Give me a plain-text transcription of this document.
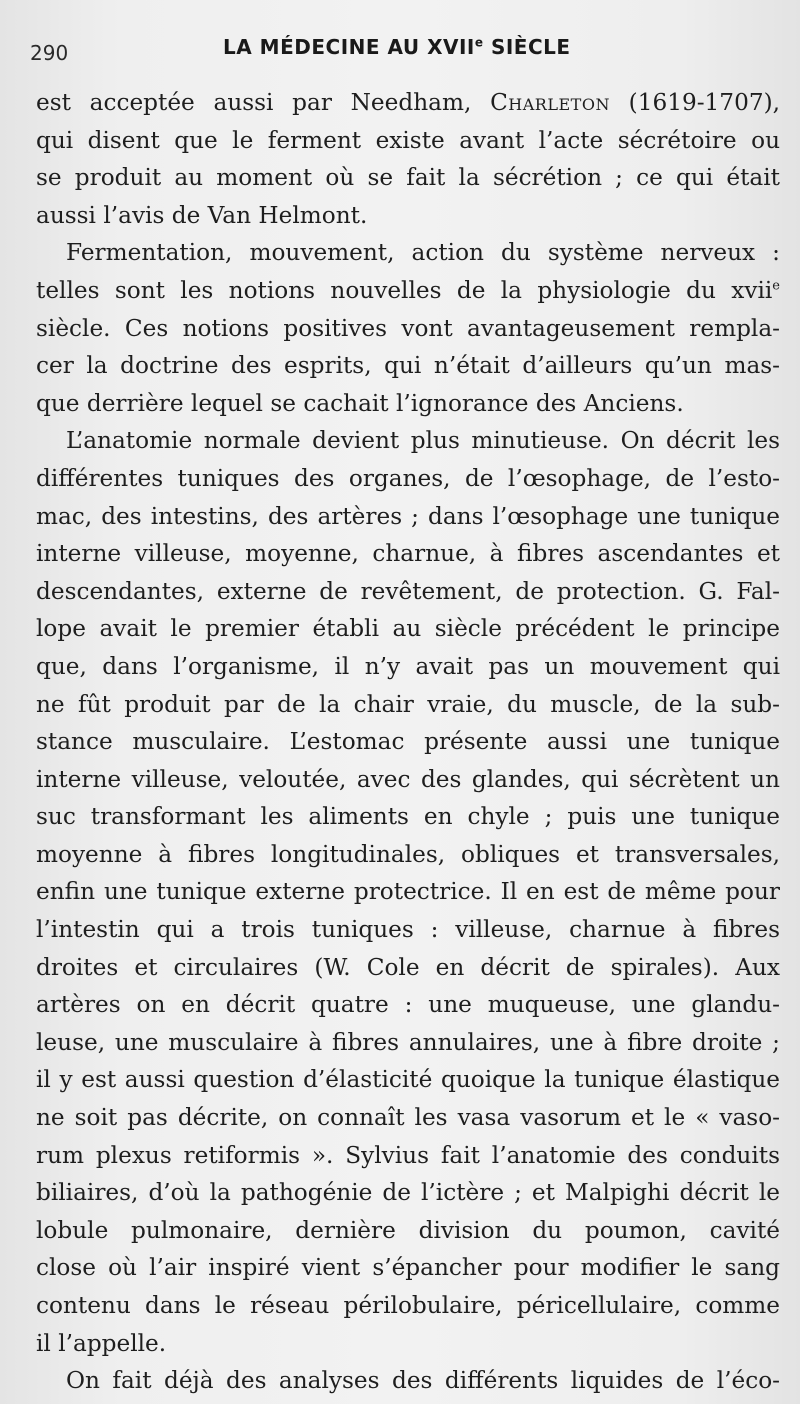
290	LA MÉDECINE AU XVIIe SIÈCLE
est acceptée aussi par Needham, Charleton (1619-1707),
qui disent que le ferment existe avant l’acte sécrétoire ou
se produit au moment où se fait la sécrétion ; ce qui était
aussi l’avis de Van Helmont.
Fermentation, mouvement, action du système nerveux :
telles sont les notions nouvelles de la physiologie du xvii$^e$
siècle. Ces notions positives vont avantageusement rempla-
cer la doctrine des esprits, qui n’était d’ailleurs qu’un mas-
que derrière lequel se cachait l’ignorance des Anciens.
L’anatomie normale devient plus minutieuse. On décrit les
différentes tuniques des organes, de l’œsophage, de l’esto-
mac, des intestins, des artères ; dans l’œsophage une tunique
interne villeuse, moyenne, charnue, à fibres ascendantes et
descendantes, externe de revêtement, de protection. G. Fal-
lope avait le premier établi au siècle précédent le principe
que, dans l’organisme, il n’y avait pas un mouvement qui
ne fût produit par de la chair vraie, du muscle, de la sub-
stance musculaire. L’estomac présente aussi une tunique
interne villeuse, veloutée, avec des glandes, qui sécrètent un
suc transformant les aliments en chyle ; puis une tunique
moyenne à fibres longitudinales, obliques et transversales,
enfin une tunique externe protectrice. Il en est de même pour
l’intestin qui a trois tuniques : villeuse, charnue à fibres
droites et circulaires (W. Cole en décrit de spirales). Aux
artères on en décrit quatre : une muqueuse, une glandu-
leuse, une musculaire à fibres annulaires, une à fibre droite ;
il y est aussi question d’élasticité quoique la tunique élastique
ne soit pas décrite, on connaît les vasa vasorum et le « vaso-
rum plexus retiformis ». Sylvius fait l’anatomie des conduits
biliaires, d’où la pathogénie de l’ictère ; et Malpighi décrit le
lobule pulmonaire, dernière division du poumon, cavité
close où l’air inspiré vient s’épancher pour modifier le sang
contenu dans le réseau périlobulaire, péricellulaire, comme
il l’appelle.
On fait déjà des analyses des différents liquides de l’éco-
